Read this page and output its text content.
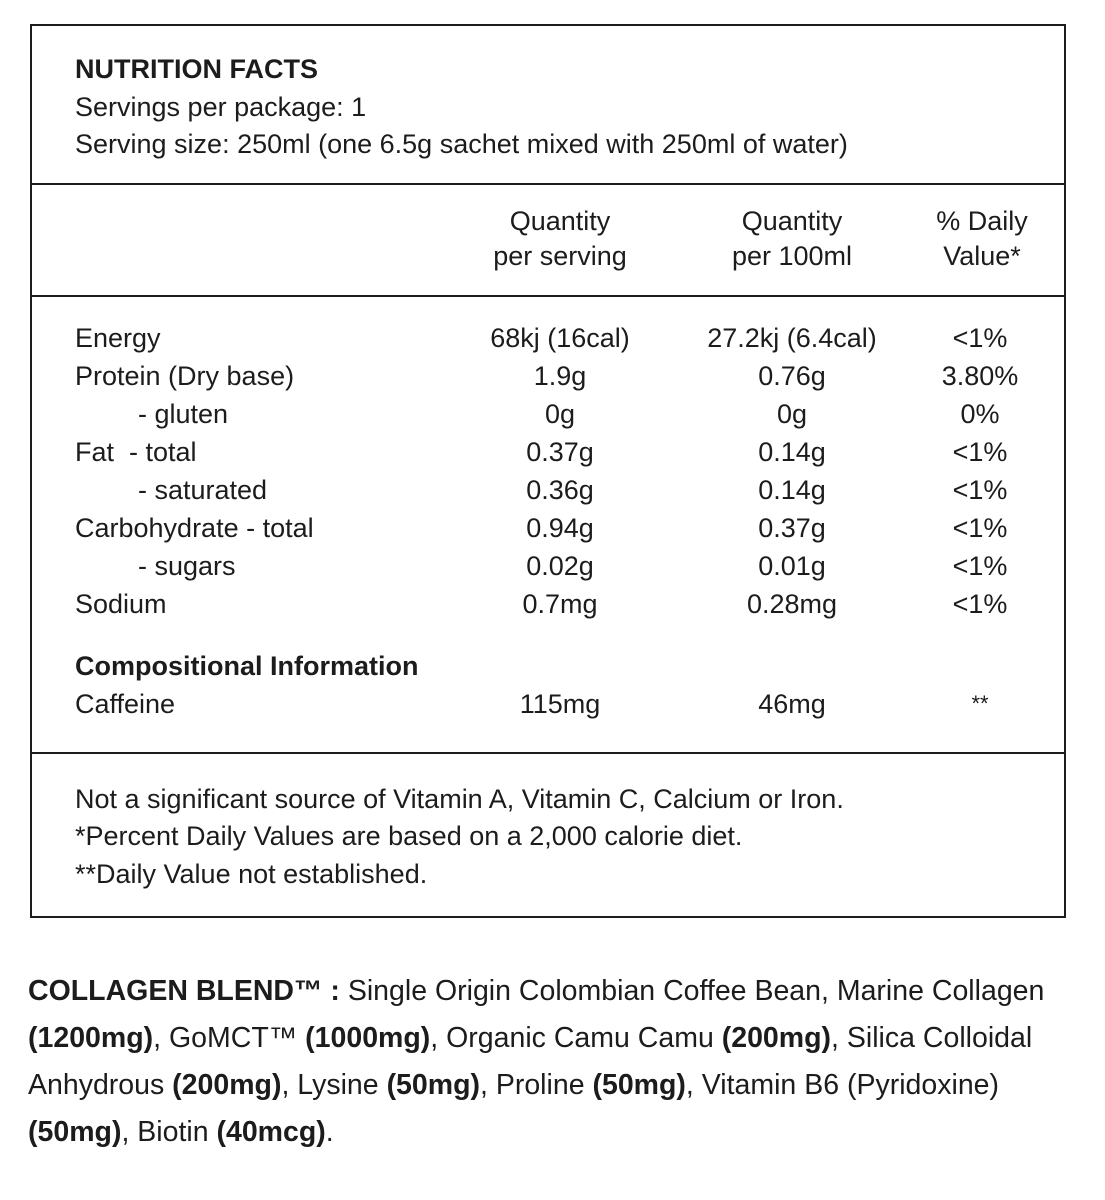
NUTRITION FACTS
Servings per package: 1
Serving size: 250ml (one 6.5g sachet mixed with 250ml of water)
Quantity
per serving
Quantity
per 100ml
% Daily
Value*
Energy	68kj (16cal)	27.2kj (6.4cal)	<1%
Protein (Dry base)	1.9g	0.76g	3.80%
- gluten	0g	0g	0%
Fat  - total	0.37g	0.14g	<1%
- saturated	0.36g	0.14g	<1%
Carbohydrate - total	0.94g	0.37g	<1%
- sugars	0.02g	0.01g	<1%
Sodium	0.7mg	0.28mg	<1%
Compositional Information
Caffeine	115mg	46mg	**
Not a significant source of Vitamin A, Vitamin C, Calcium or Iron.
*Percent Daily Values are based on a 2,000 calorie diet.
**Daily Value not established.
COLLAGEN BLEND™ : Single Origin Colombian Coffee Bean, Marine Collagen (1200mg), GoMCT™ (1000mg), Organic Camu Camu (200mg), Silica Colloidal Anhydrous (200mg), Lysine (50mg), Proline (50mg), Vitamin B6 (Pyridoxine) (50mg), Biotin (40mcg).
